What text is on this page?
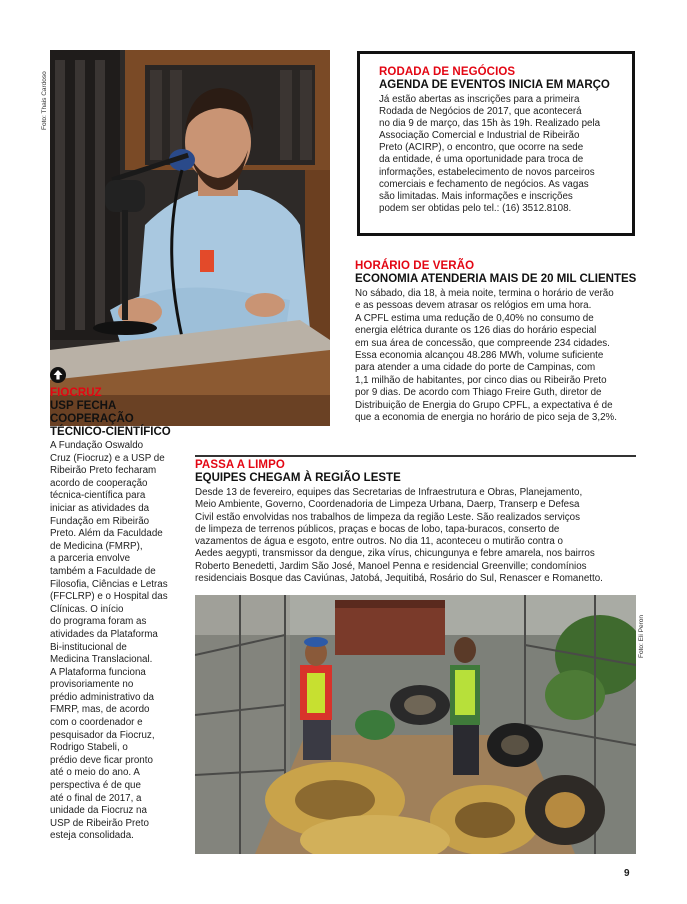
Foto: Thais Cardoso	RODADA DE NEGÓCIOS
AGENDA DE EVENTOS INICIA EM MARÇO
Já estão abertas as inscrições para a primeira
Rodada de Negócios de 2017, que acontecerá
no dia 9 de março, das 15h às 19h. Realizado pela
Associação Comercial e Industrial de Ribeirão
Preto (ACIRP), o encontro, que ocorre na sede
da entidade, é uma oportunidade para troca de
informações, estabelecimento de novos parceiros
comerciais e fechamento de negócios. As vagas
são limitadas. Mais informações e inscrições
podem ser obtidas pelo tel.: (16) 3512.8108.
HORÁRIO DE VERÃO
ECONOMIA ATENDERIA MAIS DE 20 MIL CLIENTES
No sábado, dia 18, à meia noite, termina o horário de verão
e as pessoas devem atrasar os relógios em uma hora.
A CPFL estima uma redução de 0,40% no consumo de
energia elétrica durante os 126 dias do horário especial
em sua área de concessão, que compreende 234 cidades.
Essa economia alcançou 48.286 MWh, volume suficiente
para atender a uma cidade do porte de Campinas, com
1,1 milhão de habitantes, por cinco dias ou Ribeirão Preto
por 9 dias. De acordo com Thiago Freire Guth, diretor de
Distribuição de Energia do Grupo CPFL, a expectativa é de
que a economia de energia no horário de pico seja de 3,2%.
FIOCRUZ
USP FECHA
COOPERAÇÃO
TÉCNICO-CIENTÍFICO
A Fundação Oswaldo
Cruz (Fiocruz) e a USP de
Ribeirão Preto fecharam
acordo de cooperação
técnica-científica para
iniciar as atividades da
Fundação em Ribeirão
Preto. Além da Faculdade
de Medicina (FMRP),
a parceria envolve
também a Faculdade de
Filosofia, Ciências e Letras
(FFCLRP) e o Hospital das
Clínicas. O início
do programa foram as
atividades da Plataforma
Bi-institucional de
Medicina Translacional.
A Plataforma funciona
provisoriamente no
prédio administrativo da
FMRP, mas, de acordo
com o coordenador e
pesquisador da Fiocruz,
Rodrigo Stabeli, o
prédio deve ficar pronto
até o meio do ano. A
perspectiva é de que
até o final de 2017, a
unidade da Fiocruz na
USP de Ribeirão Preto
esteja consolidada.
PASSA A LIMPO
EQUIPES CHEGAM À REGIÃO LESTE
Desde 13 de fevereiro, equipes das Secretarias de Infraestrutura e Obras, Planejamento,
Meio Ambiente, Governo, Coordenadoria de Limpeza Urbana, Daerp, Transerp e Defesa
Civil estão envolvidas nos trabalhos de limpeza da região Leste. São realizados serviços
de limpeza de terrenos públicos, praças e bocas de lobo, tapa-buracos, conserto de
vazamentos de água e esgoto, entre outros. No dia 11, aconteceu o mutirão contra o
Aedes aegypti, transmissor da dengue, zika vírus, chicungunya e febre amarela, nos bairros
Roberto Benedetti, Jardim São José, Manoel Penna e residencial Greenville; condomínios
residenciais Bosque das Caviúnas, Jatobá, Jequitibá, Rosário do Sul, Renascer e Romanetto.
Foto: Eli Peron
9
